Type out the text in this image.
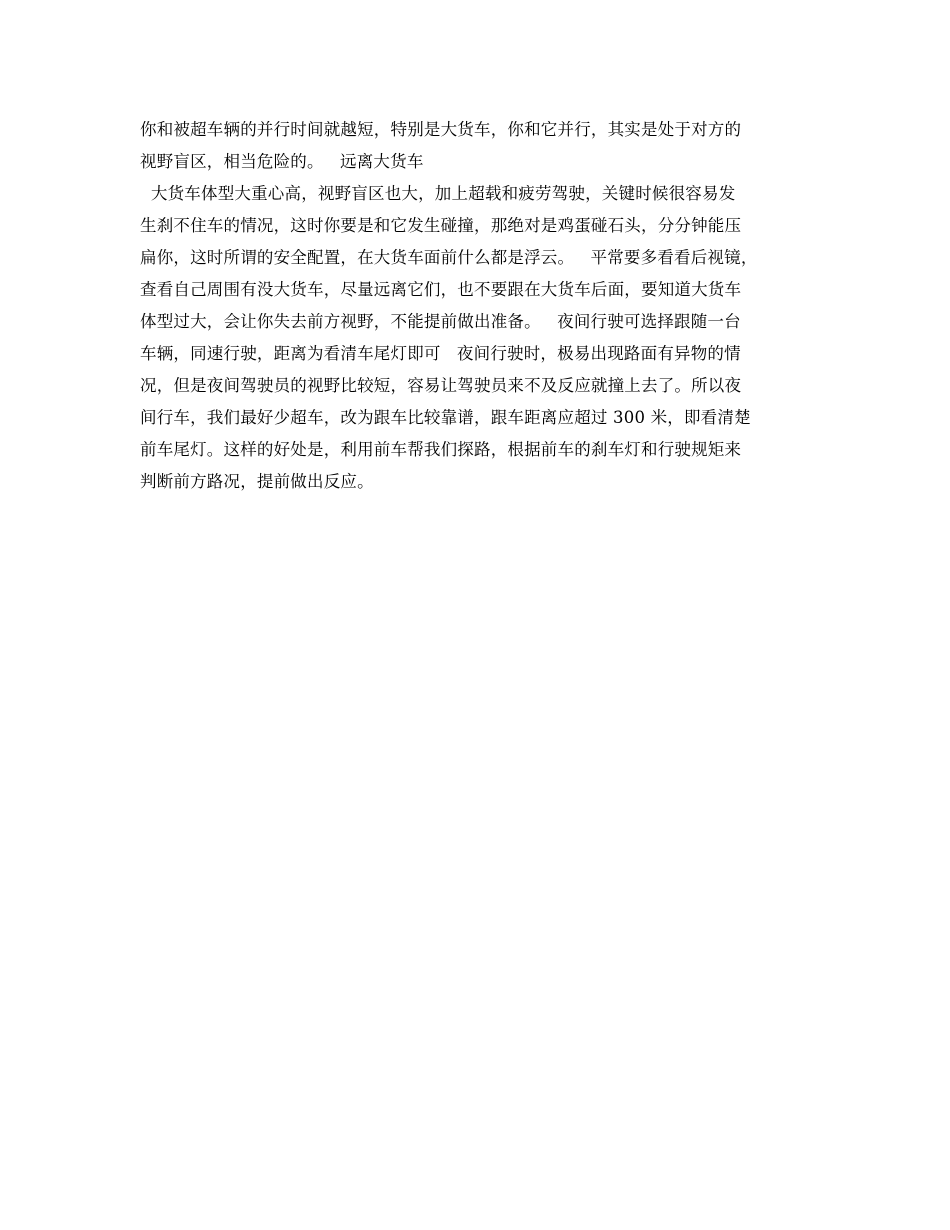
你和被超车辆的并行时间就越短，特别是大货车，你和它并行，其实是处于对方的
视野盲区，相当危险的。   远离大货车
大货车体型大重心高，视野盲区也大，加上超载和疲劳驾驶，关键时候很容易发
生刹不住车的情况，这时你要是和它发生碰撞，那绝对是鸡蛋碰石头，分分钟能压
扁你，这时所谓的安全配置，在大货车面前什么都是浮云。   平常要多看看后视镜，
查看自己周围有没大货车，尽量远离它们，也不要跟在大货车后面，要知道大货车
体型过大，会让你失去前方视野，不能提前做出准备。   夜间行驶可选择跟随一台
车辆，同速行驶，距离为看清车尾灯即可   夜间行驶时，极易出现路面有异物的情
况，但是夜间驾驶员的视野比较短，容易让驾驶员来不及反应就撞上去了。所以夜
间行车，我们最好少超车，改为跟车比较靠谱，跟车距离应超过 300 米，即看清楚
前车尾灯。这样的好处是，利用前车帮我们探路，根据前车的刹车灯和行驶规矩来
判断前方路况，提前做出反应。
